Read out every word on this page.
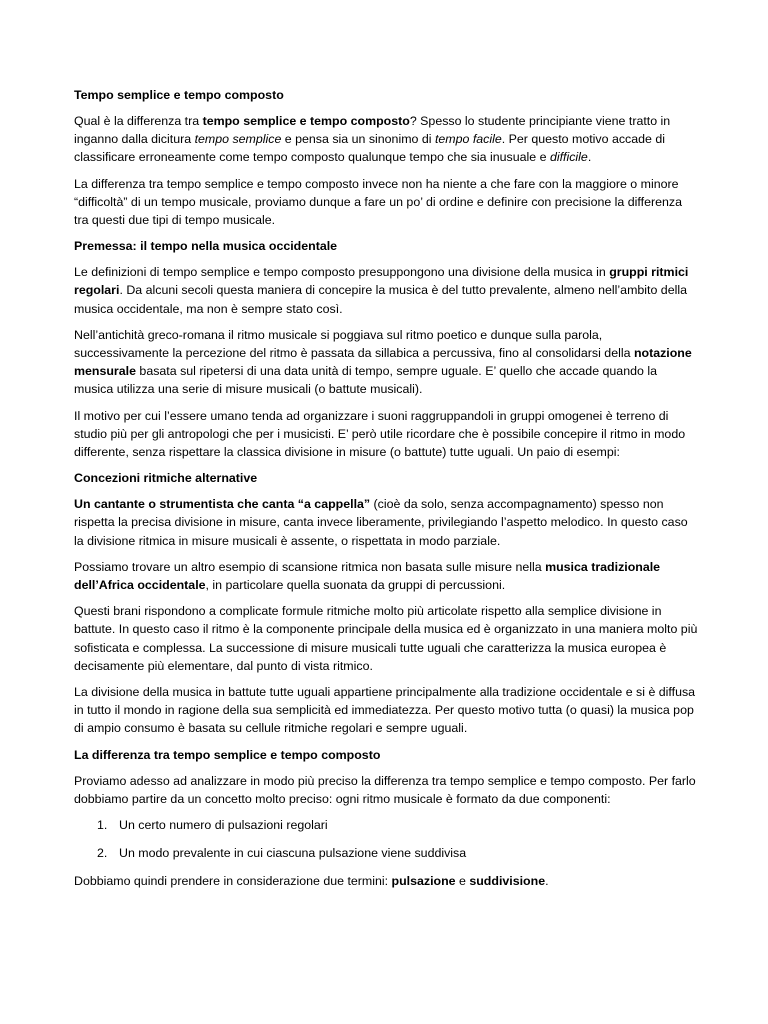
Tempo semplice e tempo composto

Qual è la differenza tra tempo semplice e tempo composto? Spesso lo studente principiante viene tratto in inganno dalla dicitura tempo semplice e pensa sia un sinonimo di tempo facile. Per questo motivo accade di classificare erroneamente come tempo composto qualunque tempo che sia inusuale e difficile.

La differenza tra tempo semplice e tempo composto invece non ha niente a che fare con la maggiore o minore “difficoltà” di un tempo musicale, proviamo dunque a fare un po’ di ordine e definire con precisione la differenza tra questi due tipi di tempo musicale.

Premessa: il tempo nella musica occidentale

Le definizioni di tempo semplice e tempo composto presuppongono una divisione della musica in gruppi ritmici regolari. Da alcuni secoli questa maniera di concepire la musica è del tutto prevalente, almeno nell’ambito della musica occidentale, ma non è sempre stato così.

Nell’antichità greco-romana il ritmo musicale si poggiava sul ritmo poetico e dunque sulla parola, successivamente la percezione del ritmo è passata da sillabica a percussiva, fino al consolidarsi della notazione mensurale basata sul ripetersi di una data unità di tempo, sempre uguale. E’ quello che accade quando la musica utilizza una serie di misure musicali (o battute musicali).

Il motivo per cui l’essere umano tenda ad organizzare i suoni raggruppandoli in gruppi omogenei è terreno di studio più per gli antropologi che per i musicisti. E’ però utile ricordare che è possibile concepire il ritmo in modo differente, senza rispettare la classica divisione in misure (o battute) tutte uguali. Un paio di esempi:

Concezioni ritmiche alternative

Un cantante o strumentista che canta “a cappella” (cioè da solo, senza accompagnamento) spesso non rispetta la precisa divisione in misure, canta invece liberamente, privilegiando l’aspetto melodico. In questo caso la divisione ritmica in misure musicali è assente, o rispettata in modo parziale.

Possiamo trovare un altro esempio di scansione ritmica non basata sulle misure nella musica tradizionale dell’Africa occidentale, in particolare quella suonata da gruppi di percussioni.

Questi brani rispondono a complicate formule ritmiche molto più articolate rispetto alla semplice divisione in battute. In questo caso il ritmo è la componente principale della musica ed è organizzato in una maniera molto più sofisticata e complessa. La successione di misure musicali tutte uguali che caratterizza la musica europea è decisamente più elementare, dal punto di vista ritmico.

La divisione della musica in battute tutte uguali appartiene principalmente alla tradizione occidentale e si è diffusa in tutto il mondo in ragione della sua semplicità ed immediatezza. Per questo motivo tutta (o quasi) la musica pop di ampio consumo è basata su cellule ritmiche regolari e sempre uguali.

La differenza tra tempo semplice e tempo composto

Proviamo adesso ad analizzare in modo più preciso la differenza tra tempo semplice e tempo composto. Per farlo dobbiamo partire da un concetto molto preciso: ogni ritmo musicale è formato da due componenti:

1. Un certo numero di pulsazioni regolari
2. Un modo prevalente in cui ciascuna pulsazione viene suddivisa

Dobbiamo quindi prendere in considerazione due termini: pulsazione e suddivisione.
